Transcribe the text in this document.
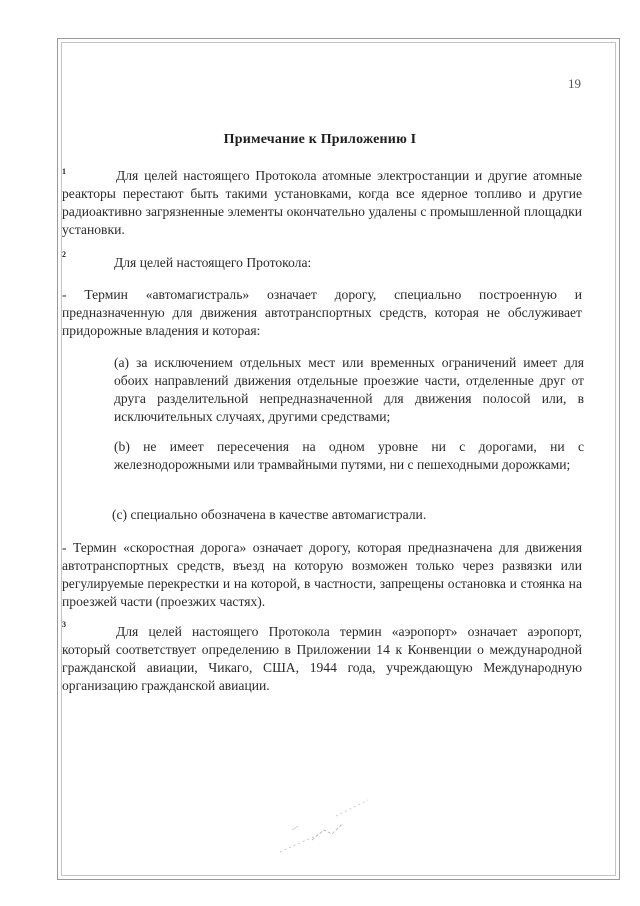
19
Примечание к Приложению I
1	Для целей настоящего Протокола атомные электростанции и другие атомные реакторы перестают быть такими установками, когда все ядерное топливо и другие радиоактивно загрязненные элементы окончательно удалены с промышленной площадки установки.

2

Для целей настоящего Протокола:

- Термин «автомагистраль» означает дорогу, специально построенную и предназначенную для движения автотранспортных средств, которая не обслуживает придорожные владения и которая:

(a) за исключением отдельных мест или временных ограничений имеет для обоих направлений движения отдельные проезжие части, отделенные друг от друга разделительной непредназначенной для движения полосой или, в исключительных случаях, другими средствами;

(b) не имеет пересечения на одном уровне ни с дорогами, ни с железнодорожными или трамвайными путями, ни с пешеходными дорожками;

(c) специально обозначена в качестве автомагистрали.

- Термин «скоростная дорога» означает дорогу, которая предназначена для движения автотранспортных средств, въезд на которую возможен только через развязки или регулируемые перекрестки и на которой, в частности, запрещены остановка и стоянка на проезжей части (проезжих частях).

3	Для целей настоящего Протокола термин «аэропорт» означает аэропорт, который соответствует определению в Приложении 14 к Конвенции о международной гражданской авиации, Чикаго, США, 1944 года, учреждающую Международную организацию гражданской авиации.
